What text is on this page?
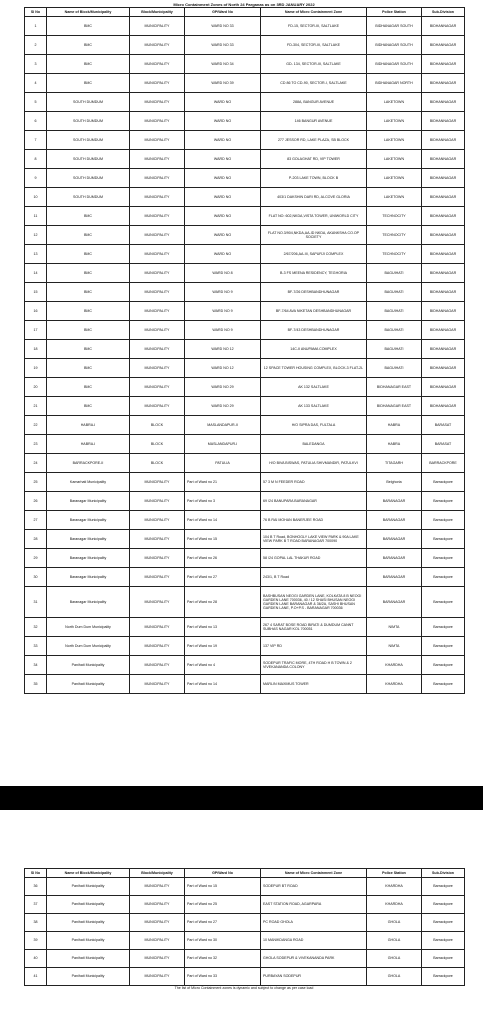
Micro Containment Zones of North 24 Parganas as on 3RD JANUARY 2022
Sl No	Name of Block/Municipality	Block/Municipality	GP/Ward No	Name of Micro Containment Zone	Police Station	Sub-Division
1	BMC	MUNICIPALITY	WARD NO 33	FD-15, SECTOR-III, SALTLAKE	BIDHANAGAR SOUTH	BIDHANNAGAR
2	BMC	MUNICIPALITY	WARD NO 33	FD-304, SECTOR-III, SALTLAKE	BIDHANAGAR SOUTH	BIDHANNAGAR
3	BMC	MUNICIPALITY	WARD NO 34	GD- 134, SECTOR-III, SALTLAKE	BIDHANAGAR SOUTH	BIDHANNAGAR
4	BMC	MUNICIPALITY	WARD NO 39	CD 86 TO CD-90, SECTOR-I, SALTLAKE	BIDHANAGAR NORTH	BIDHANNAGAR
5	SOUTH DUMDUM	MUNICIPALITY	WARD NO	288A, BANGUR AVENUE	LAKETOWN	BIDHANNAGAR
6	SOUTH DUMDUM	MUNICIPALITY	WARD NO	146 BANGUR AVENUE	LAKETOWN	BIDHANNAGAR
7	SOUTH DUMDUM	MUNICIPALITY	WARD NO	277 JESSOR RD, LAKE PLAZA, SB BLOCK	LAKETOWN	BIDHANNAGAR
8	SOUTH DUMDUM	MUNICIPALITY	WARD NO	83 GOLAGHAT RD, VIP TOWER	LAKETOWN	BIDHANNAGAR
9	SOUTH DUMDUM	MUNICIPALITY	WARD NO	P-203 LAKE TOWN, BLOCK B	LAKETOWN	BIDHANNAGAR
10	SOUTH DUMDUM	MUNICIPALITY	WARD NO	403/1 DAKSHIN DARI RD, ALCOVE GLORIA	LAKETOWN	BIDHANNAGAR
11	BMC	MUNICIPALITY	WARD NO	FLAT NO: 602,NKDA,VISTA TOWER, UNIWORLD CITY	TECHNOCITY	BIDHANNAGAR
12	BMC	MUNICIPALITY	WARD NO	FLAT NO.3/904,NKDA,AA-ID NKDA, AKANKSHA CO.OP SOCIETY	TECHNOCITY	BIDHANNAGAR
13	BMC	MUNICIPALITY	WARD NO	2/67/206,AA-III, SAPURJI COMPLEX	TECHNOCITY	BIDHANNAGAR
14	BMC	MUNICIPALITY	WARD NO 8	B-3 FS MEENA RESIDENCY, TEGHORIA	BAGUIHATI	BIDHANNAGAR
15	BMC	MUNICIPALITY	WARD NO 9	BF-7/26 DESHBANDHUNAGAR	BAGUIHATI	BIDHANNAGAR
16	BMC	MUNICIPALITY	WARD NO 9	BF-7/64 AVA NIKETAN DESHBANDHUNAGAR	BAGUIHATI	BIDHANNAGAR
17	BMC	MUNICIPALITY	WARD NO 9	BF-7/43 DESHBANDHUNAGAR	BAGUIHATI	BIDHANNAGAR
18	BMC	MUNICIPALITY	WARD NO 12	14C-II ANUPAMA COMPLEX	BAGUIHATI	BIDHANNAGAR
19	BMC	MUNICIPALITY	WARD NO 12	12 SPACE TOWER HOUSING COMPLEX, BLOCK-3 FLAT-2L	BAGUIHATI	BIDHANNAGAR
20	BMC	MUNICIPALITY	WARD NO 29	AK 132 SALTLAKE	BIDHANAGAR EAST	BIDHANNAGAR
21	BMC	MUNICIPALITY	WARD NO 29	AK 133 SALTLAKE	BIDHANAGAR EAST	BIDHANNAGAR
22	HABRA-I	BLOCK	MASLANDAPUR-II	H/O SIPRA DAS, FULTALA	HABRA	BARASAT
23	HABRA-I	BLOCK	MASLANDAPUR-I	BALEDANGA	HABRA	BARASAT
24	BARRACKPORE-II	BLOCK	PATULIA	H/O BIVA BISWAS, PATULIA SHIVMANDIR, PATULKVI	TITAGARH	BARRACKPORE
25	Kamarhati Municipality	MUNICIPALITY	Part of Ward no 21	57 3 M N FEEDER ROAD	Belghoria	Barrackpore
26	Baranagar Municipality	MUNICIPALITY	Part of Ward no 3	69 /24 BANUPARA BARANAGAR	BARANAGAR	Barrackpore
27	Baranagar Municipality	MUNICIPALITY	Part of Ward no 14	76 B RAI MOHAN BANERJEE ROAD	BARANAGAR	Barrackpore
28	Baranagar Municipality	MUNICIPALITY	Part of Ward no 15	104 B T Road, BONHOGLY LAKE VIEW PARK & 90A LAKE VIEW PARK B T ROAD BARANAGAR 700090	BARANAGAR	Barrackpore
29	Baranagar Municipality	MUNICIPALITY	Part of Ward no 26	58 /24 GOPAL LAL THAKUR ROAD	BARANAGAR	Barrackpore
30	Baranagar Municipality	MUNICIPALITY	Part of Ward no 27	243/1, B T Road	BARANAGAR	Barrackpore
31	Baranagar Municipality	MUNICIPALITY	Part of Ward no 28	BASHBUSAN NEOGI GARDEN LANE, KOLKATA 8 B NEOGI GARDEN LANE 700036, 40 / 12 SHASI BHUSAN NEOGI GARDEN LANE BARANAGAR & 36/2A, SASHI BHUSAN GARDEN LANE, P.O+P.S - BARANAGAR 700036	BARANAGAR	Barrackpore
32	North Dum Dum Municipality	MUNICIPALITY	Part of Ward no 13	267 4 SARAT BOSE ROAD BIRATI & DUMDUM CANNT SUBHAS NAGAR KOL 700051	NIMTA	Barrackpore
33	North Dum Dum Municipality	MUNICIPALITY	Part of Ward no 19	137 VIP RD	NIMTA	Barrackpore
34	Panihati Municipality	MUNICIPALITY	Part of Ward no 4	SODEPUR TRAFIC MORE, 4TH ROAD H B TOWN & 2 VIVEKANANDA COLONY	KHARDHA	Barrackpore
35	Panihati Municipality	MUNICIPALITY	Part of Ward no 14	MARLIN MAXIMUS TOWER	KHARDHA	Barrackpore
Sl No	Name of Block/Municipality	Block/Municipality	GP/Ward No	Name of Micro Containment Zone	Police Station	Sub-Division
36	Panihati Municipality	MUNICIPALITY	Part of Ward no 15	SODEPUR BT ROAD	KHARDHA	Barrackpore
37	Panihati Municipality	MUNICIPALITY	Part of Ward no 25	EAST STATION ROAD, AGARPARA	KHARDHA	Barrackpore
38	Panihati Municipality	MUNICIPALITY	Part of Ward no 27	PC ROAD GHOLA	GHOLA	Barrackpore
39	Panihati Municipality	MUNICIPALITY	Part of Ward no 30	10 MANIKDANGA ROAD	GHOLA	Barrackpore
40	Panihati Municipality	MUNICIPALITY	Part of Ward no 32	GHOLA SODEPUR & VIVEKANANDA PARK	GHOLA	Barrackpore
41	Panihati Municipality	MUNICIPALITY	Part of Ward no 33	PURBAYAN SODEPUR	GHOLA	Barrackpore
The list of Micro Containment zones is dynamic and subject to change as per case load
